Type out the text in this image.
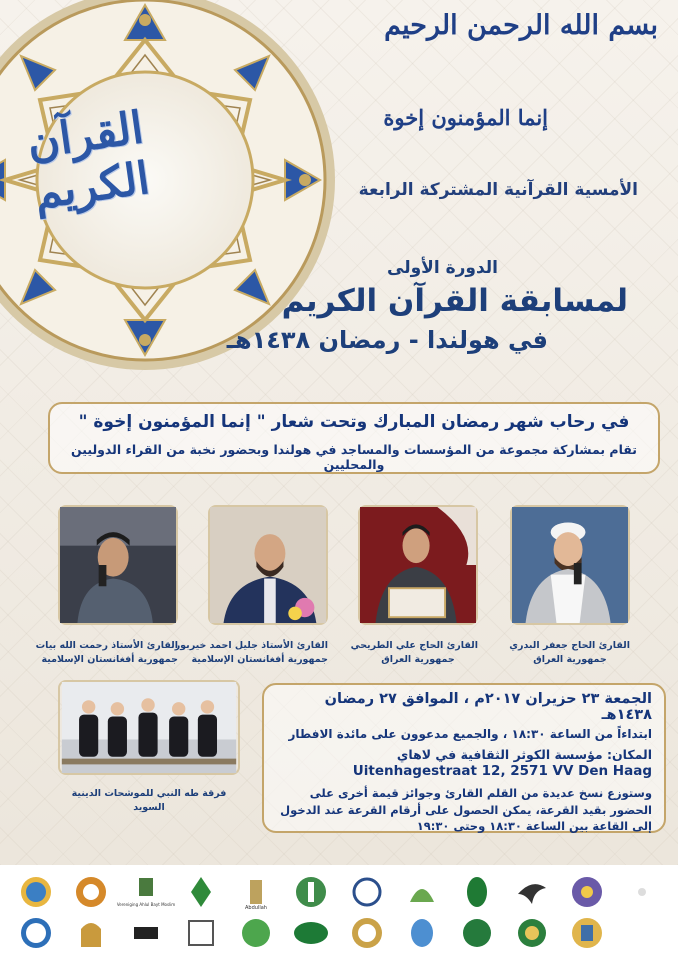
القرآن الكريم
بسم الله الرحمن الرحيم
إنما المؤمنون إخوة
الأمسية القرآنية المشتركة الرابعة
الدورة الأولى
لمسابقة القرآن الكريم
في هولندا - رمضان ١٤٣٨هـ
في رحاب شهر رمضان المبارك وتحت شعار " إنما المؤمنون إخوة "
تقام بمشاركة مجموعة من المؤسسات والمساجد في هولندا وبحضور نخبة من القراء الدوليين والمحليين
القارئ الأستاذ رحمت الله بيات
جمهورية أفغانستان الإسلامية
القارئ الأستاذ جليل احمد خيربور
جمهورية أفغانستان الإسلامية
القارئ الحاج علي الطريحي
جمهورية العراق
القارئ الحاج جعفر البدري
جمهورية العراق
فرقة طه النبي للموشحات الدينية
السويد
الجمعة ٢٣ حزيران ٢٠١٧م ، الموافق ٢٧ رمضان ١٤٣٨هـ
ابتداءاً من الساعة ١٨:٣٠ ، والجميع مدعوون على مائدة الافطار
المكان: مؤسسة الكوثر الثقافية في لاهاي
Uitenhagestraat 12, 2571 VV Den Haag
وستوزع نسخ عديدة من القلم القارئ وجوائز قيمة أخرى على الحضور بقيد القرعة، يمكن الحصول على أرقام القرعة عند الدخول إلى القاعة بين الساعة ١٨:٣٠ وحتى ١٩:٣٠
Vereniging Ahlul Bayt Moslim
Abdullah
